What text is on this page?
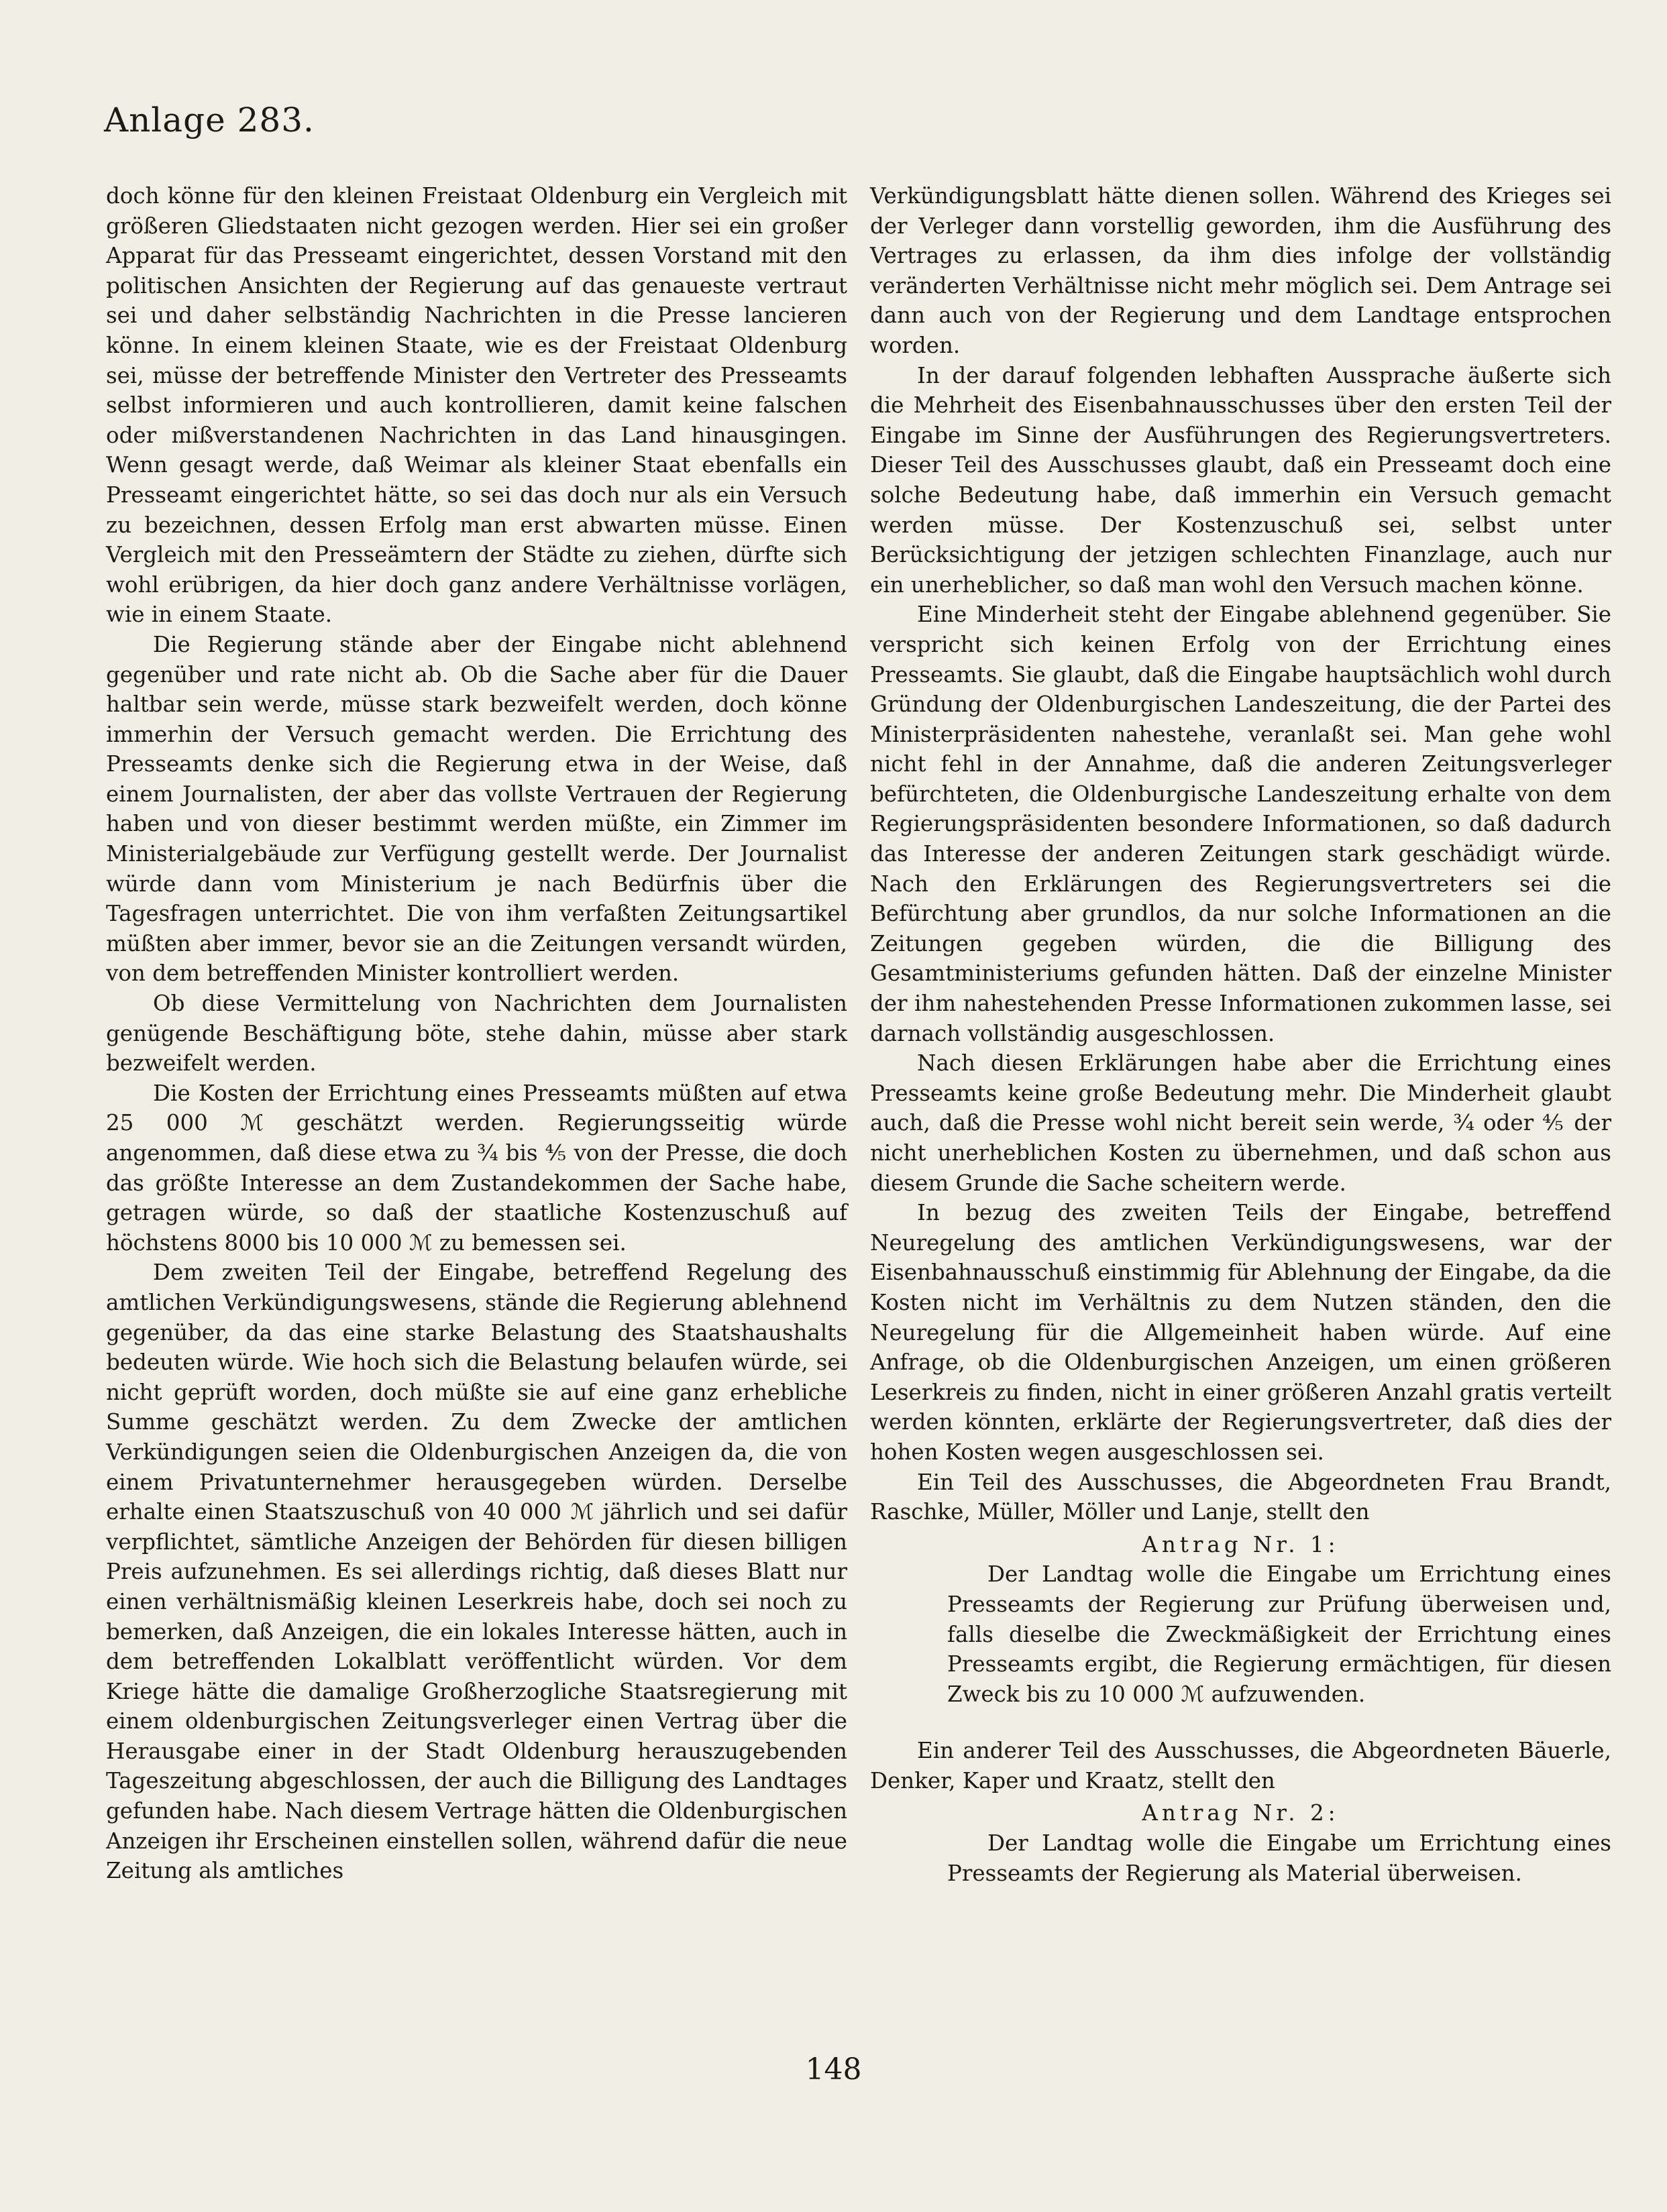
Anlage 283.

doch könne für den kleinen Freistaat Oldenburg ein Vergleich mit größeren Gliedstaaten nicht gezogen werden. Hier sei ein großer Apparat für das Presseamt eingerichtet, dessen Vorstand mit den politischen Ansichten der Regierung auf das genaueste vertraut sei und daher selbständig Nachrichten in die Presse lancieren könne. In einem kleinen Staate, wie es der Freistaat Oldenburg sei, müsse der betreffende Minister den Vertreter des Presseamts selbst informieren und auch kontrollieren, damit keine falschen oder mißverstandenen Nachrichten in das Land hinausgingen. Wenn gesagt werde, daß Weimar als kleiner Staat ebenfalls ein Presseamt eingerichtet hätte, so sei das doch nur als ein Versuch zu bezeichnen, dessen Erfolg man erst abwarten müsse. Einen Vergleich mit den Presseämtern der Städte zu ziehen, dürfte sich wohl erübrigen, da hier doch ganz andere Verhältnisse vorlägen, wie in einem Staate.

Die Regierung stände aber der Eingabe nicht ablehnend gegenüber und rate nicht ab. Ob die Sache aber für die Dauer haltbar sein werde, müsse stark bezweifelt werden, doch könne immerhin der Versuch gemacht werden. Die Errichtung des Presseamts denke sich die Regierung etwa in der Weise, daß einem Journalisten, der aber das vollste Vertrauen der Regierung haben und von dieser bestimmt werden müßte, ein Zimmer im Ministerialgebäude zur Verfügung gestellt werde. Der Journalist würde dann vom Ministerium je nach Bedürfnis über die Tagesfragen unterrichtet. Die von ihm verfaßten Zeitungsartikel müßten aber immer, bevor sie an die Zeitungen versandt würden, von dem betreffenden Minister kontrolliert werden.

Ob diese Vermittelung von Nachrichten dem Journalisten genügende Beschäftigung böte, stehe dahin, müsse aber stark bezweifelt werden.

Die Kosten der Errichtung eines Presseamts müßten auf etwa 25 000 ℳ geschätzt werden. Regierungsseitig würde angenommen, daß diese etwa zu ¾ bis ⅘ von der Presse, die doch das größte Interesse an dem Zustandekommen der Sache habe, getragen würde, so daß der staatliche Kostenzuschuß auf höchstens 8000 bis 10 000 ℳ zu bemessen sei.

Dem zweiten Teil der Eingabe, betreffend Regelung des amtlichen Verkündigungswesens, stände die Regierung ablehnend gegenüber, da das eine starke Belastung des Staatshaushalts bedeuten würde. Wie hoch sich die Belastung belaufen würde, sei nicht geprüft worden, doch müßte sie auf eine ganz erhebliche Summe geschätzt werden. Zu dem Zwecke der amtlichen Verkündigungen seien die Oldenburgischen Anzeigen da, die von einem Privatunternehmer herausgegeben würden. Derselbe erhalte einen Staatszuschuß von 40 000 ℳ jährlich und sei dafür verpflichtet, sämtliche Anzeigen der Behörden für diesen billigen Preis aufzunehmen. Es sei allerdings richtig, daß dieses Blatt nur einen verhältnismäßig kleinen Leserkreis habe, doch sei noch zu bemerken, daß Anzeigen, die ein lokales Interesse hätten, auch in dem betreffenden Lokalblatt veröffentlicht würden. Vor dem Kriege hätte die damalige Großherzogliche Staatsregierung mit einem oldenburgischen Zeitungsverleger einen Vertrag über die Herausgabe einer in der Stadt Oldenburg herauszugebenden Tageszeitung abgeschlossen, der auch die Billigung des Landtages gefunden habe. Nach diesem Vertrage hätten die Oldenburgischen Anzeigen ihr Erscheinen einstellen sollen, während dafür die neue Zeitung als amtliches

Verkündigungsblatt hätte dienen sollen. Während des Krieges sei der Verleger dann vorstellig geworden, ihm die Ausführung des Vertrages zu erlassen, da ihm dies infolge der vollständig veränderten Verhältnisse nicht mehr möglich sei. Dem Antrage sei dann auch von der Regierung und dem Landtage entsprochen worden.

In der darauf folgenden lebhaften Aussprache äußerte sich die Mehrheit des Eisenbahnausschusses über den ersten Teil der Eingabe im Sinne der Ausführungen des Regierungsvertreters. Dieser Teil des Ausschusses glaubt, daß ein Presseamt doch eine solche Bedeutung habe, daß immerhin ein Versuch gemacht werden müsse. Der Kostenzuschuß sei, selbst unter Berücksichtigung der jetzigen schlechten Finanzlage, auch nur ein unerheblicher, so daß man wohl den Versuch machen könne.

Eine Minderheit steht der Eingabe ablehnend gegenüber. Sie verspricht sich keinen Erfolg von der Errichtung eines Presseamts. Sie glaubt, daß die Eingabe hauptsächlich wohl durch Gründung der Oldenburgischen Landeszeitung, die der Partei des Ministerpräsidenten nahestehe, veranlaßt sei. Man gehe wohl nicht fehl in der Annahme, daß die anderen Zeitungsverleger befürchteten, die Oldenburgische Landeszeitung erhalte von dem Regierungspräsidenten besondere Informationen, so daß dadurch das Interesse der anderen Zeitungen stark geschädigt würde. Nach den Erklärungen des Regierungsvertreters sei die Befürchtung aber grundlos, da nur solche Informationen an die Zeitungen gegeben würden, die die Billigung des Gesamtministeriums gefunden hätten. Daß der einzelne Minister der ihm nahestehenden Presse Informationen zukommen lasse, sei darnach vollständig ausgeschlossen.

Nach diesen Erklärungen habe aber die Errichtung eines Presseamts keine große Bedeutung mehr. Die Minderheit glaubt auch, daß die Presse wohl nicht bereit sein werde, ¾ oder ⅘ der nicht unerheblichen Kosten zu übernehmen, und daß schon aus diesem Grunde die Sache scheitern werde.

In bezug des zweiten Teils der Eingabe, betreffend Neuregelung des amtlichen Verkündigungswesens, war der Eisenbahnausschuß einstimmig für Ablehnung der Eingabe, da die Kosten nicht im Verhältnis zu dem Nutzen ständen, den die Neuregelung für die Allgemeinheit haben würde. Auf eine Anfrage, ob die Oldenburgischen Anzeigen, um einen größeren Leserkreis zu finden, nicht in einer größeren Anzahl gratis verteilt werden könnten, erklärte der Regierungsvertreter, daß dies der hohen Kosten wegen ausgeschlossen sei.

Ein Teil des Ausschusses, die Abgeordneten Frau Brandt, Raschke, Müller, Möller und Lanje, stellt den

Antrag Nr. 1:

Der Landtag wolle die Eingabe um Errichtung eines Presseamts der Regierung zur Prüfung überweisen und, falls dieselbe die Zweckmäßigkeit der Errichtung eines Presseamts ergibt, die Regierung ermächtigen, für diesen Zweck bis zu 10 000 ℳ aufzuwenden.

Ein anderer Teil des Ausschusses, die Abgeordneten Bäuerle, Denker, Kaper und Kraatz, stellt den

Antrag Nr. 2:

Der Landtag wolle die Eingabe um Errichtung eines Presseamts der Regierung als Material überweisen.

148
